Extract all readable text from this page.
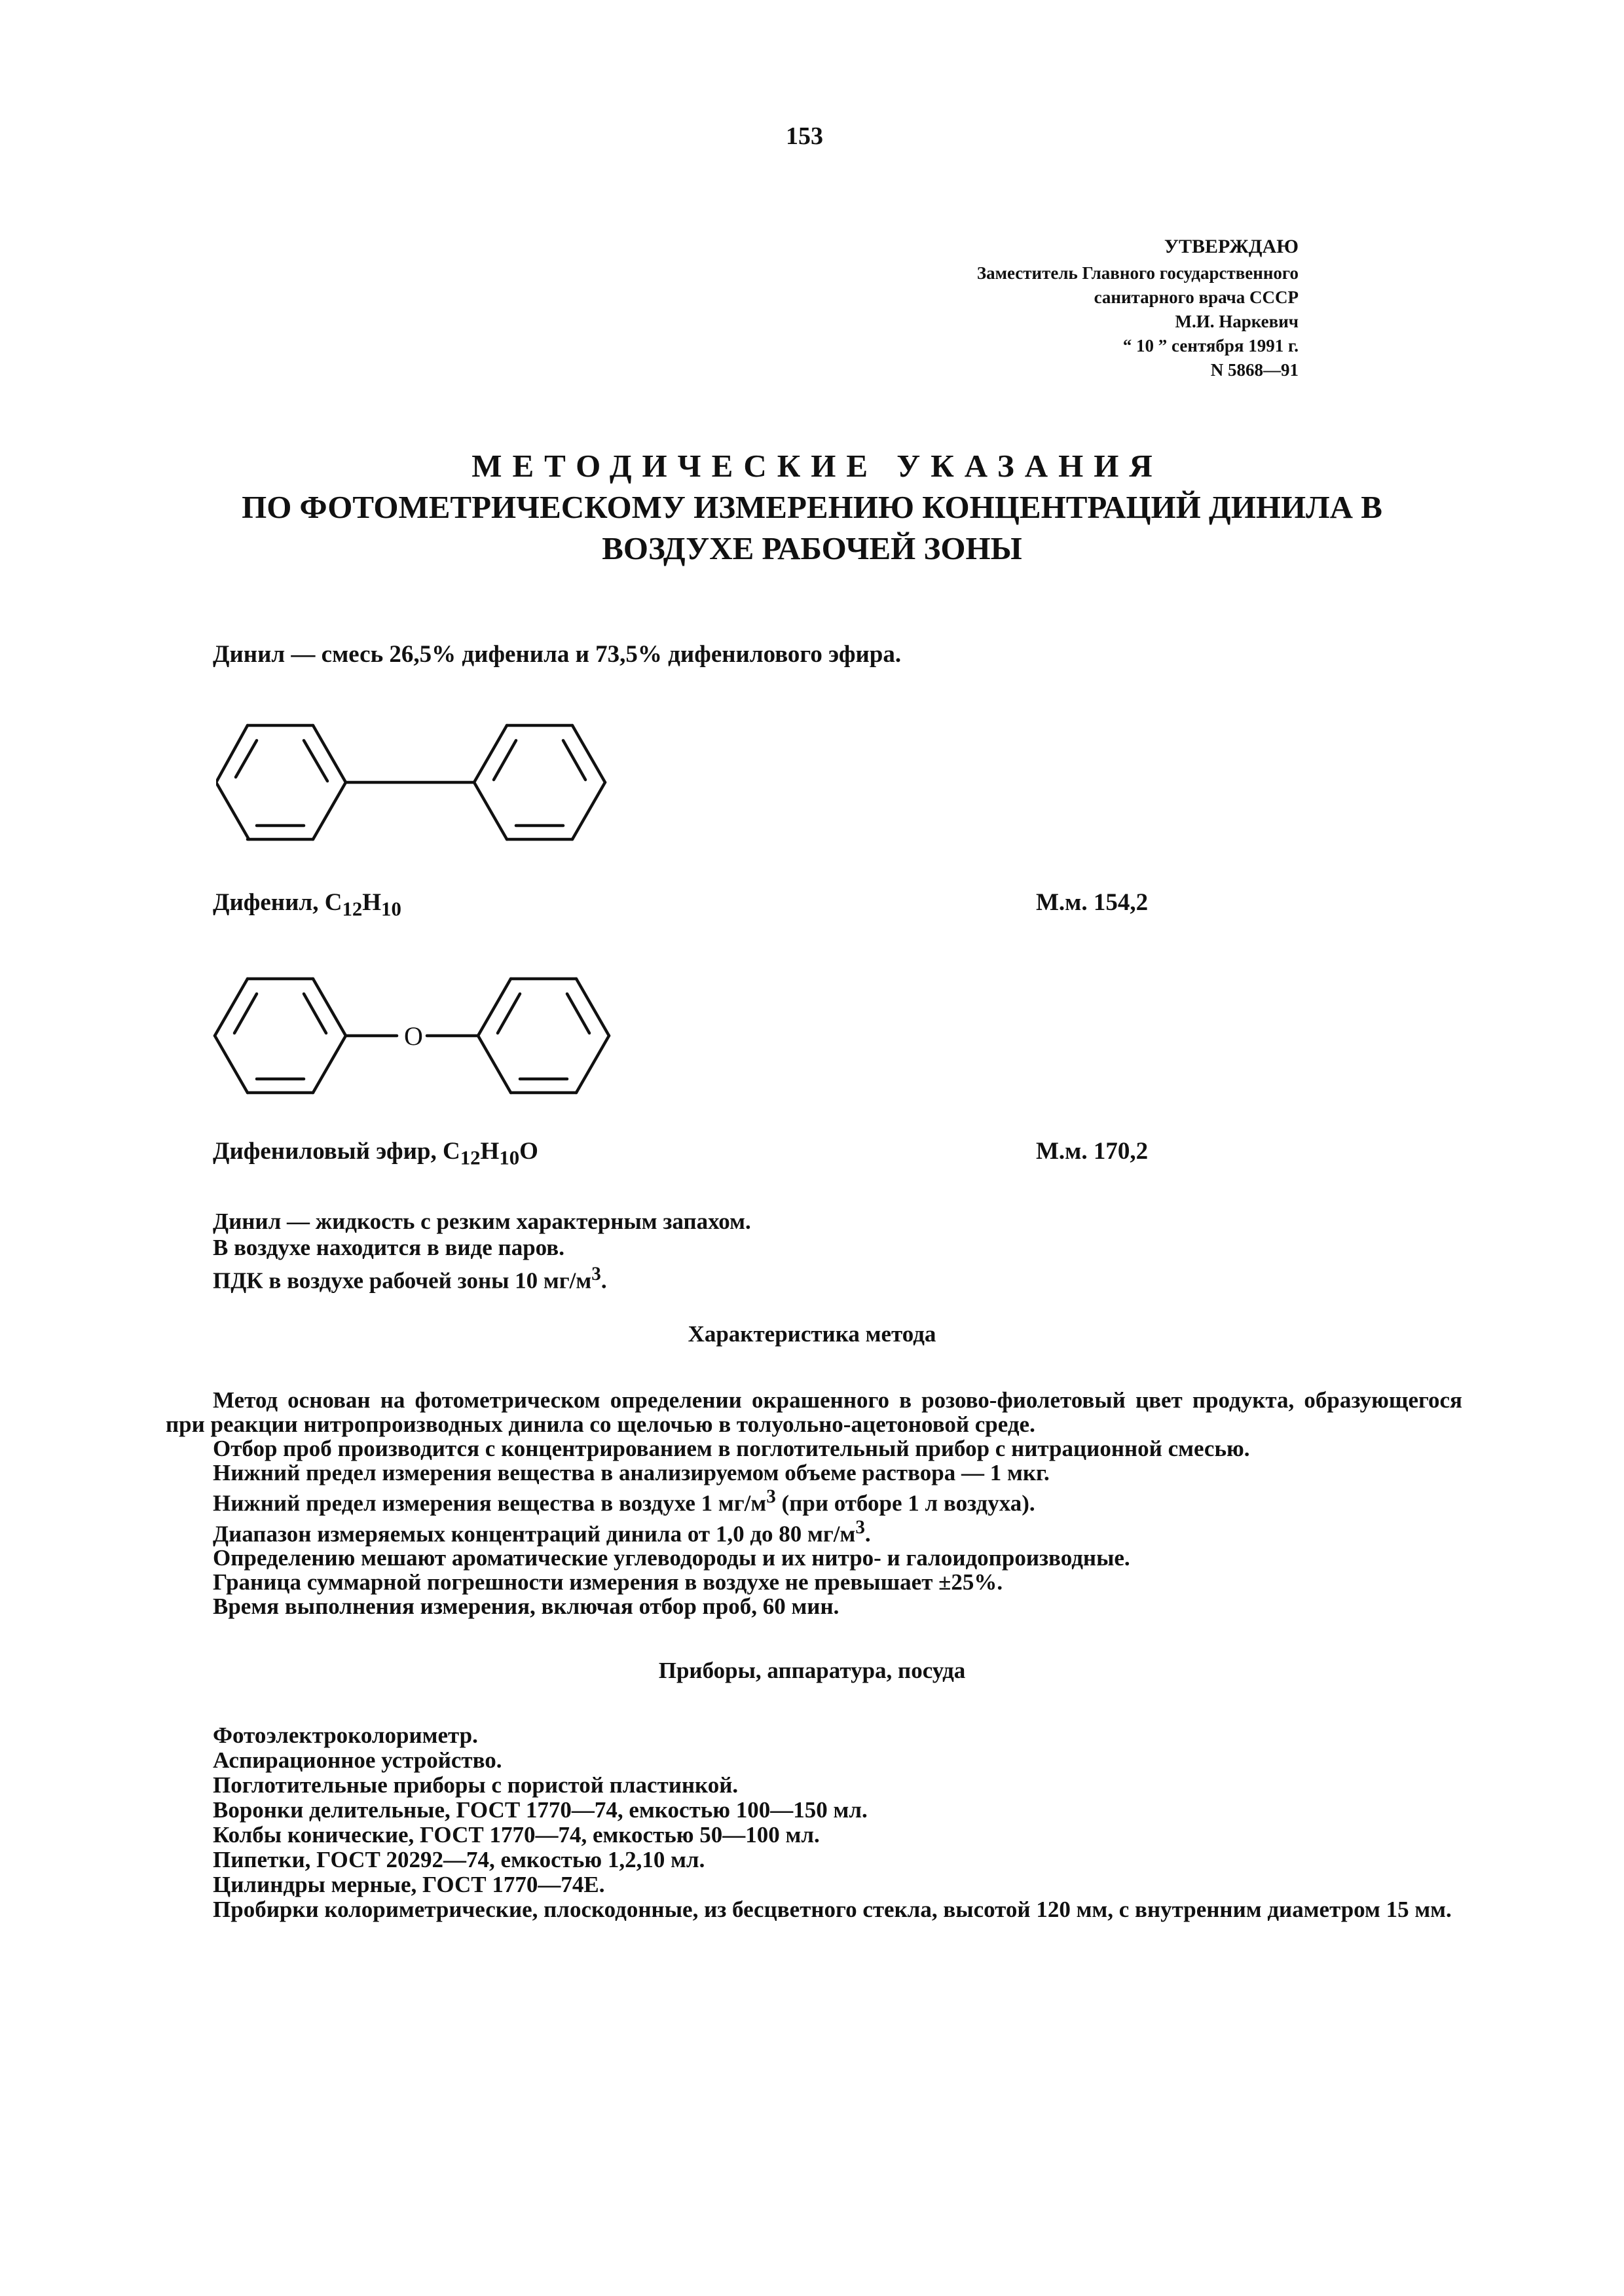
153
УТВЕРЖДАЮ
Заместитель Главного государственного
санитарного врача СССР
М.И. Наркевич
“ 10 ” сентября 1991 г.
N 5868—91
МЕТОДИЧЕСКИЕ УКАЗАНИЯ
ПО ФОТОМЕТРИЧЕСКОМУ ИЗМЕРЕНИЮ КОНЦЕНТРАЦИЙ ДИНИЛА В
ВОЗДУХЕ РАБОЧЕЙ ЗОНЫ
Динил — смесь 26,5% дифенила и 73,5% дифенилового эфира.
Дифенил, $C_{12}H_{10}$	М.м. 154,2
O
Дифениловый эфир, $C_{12}H_{10}O$	М.м. 170,2
Динил — жидкость с резким характерным запахом.
В воздухе находится в виде паров.
ПДК в воздухе рабочей зоны 10 $мг/м^3$.
Характеристика метода

Метод основан на фотометрическом определении окрашенного в розово-фиолетовый цвет продукта, образующегося при реакции нитропроизводных динила со щелочью в толуольно-ацетоновой среде.

Отбор проб производится с концентрированием в поглотительный прибор с нитрационной смесью.

Нижний предел измерения вещества в анализируемом объеме раствора — 1 мкг.

Нижний предел измерения вещества в воздухе 1 $мг/м^3$ (при отборе 1 л воздуха).

Диапазон измеряемых концентраций динила от 1,0 до 80 $мг/м^3$.

Определению мешают ароматические углеводороды и их нитро- и галоидопроизводные.

Граница суммарной погрешности измерения в воздухе не превышает ±25%.

Время выполнения измерения, включая отбор проб, 60 мин.

Приборы, аппаратура, посуда

Фотоэлектроколориметр.

Аспирационное устройство.

Поглотительные приборы с пористой пластинкой.

Воронки делительные, ГОСТ 1770—74, емкостью 100—150 мл.

Колбы конические, ГОСТ 1770—74, емкостью 50—100 мл.

Пипетки, ГОСТ 20292—74, емкостью 1,2,10 мл.

Цилиндры мерные, ГОСТ 1770—74Е.

Пробирки колориметрические, плоскодонные, из бесцветного стекла, высотой 120 мм, с внутренним диаметром 15 мм.
